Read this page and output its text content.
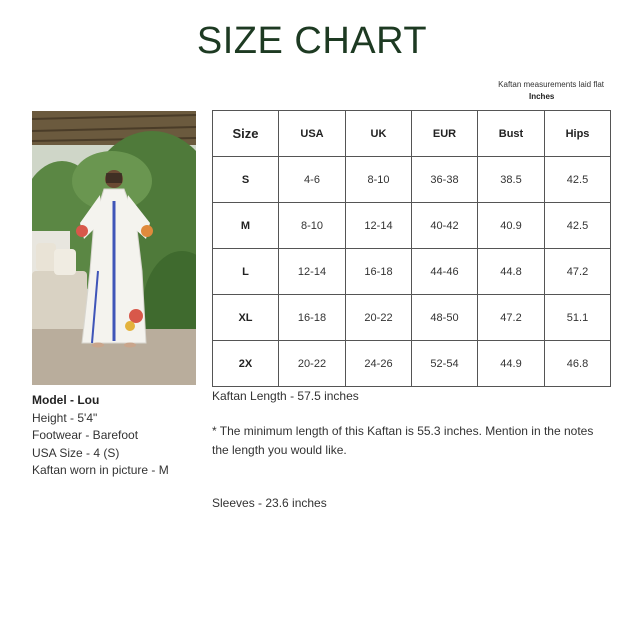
SIZE CHART
Kaftan measurements laid flat
Inches
Model - Lou
Height - 5'4"
Footwear - Barefoot
USA Size - 4 (S)
Kaftan worn in picture - M
Size	USA	UK	EUR	Bust	Hips
S	4-6	8-10	36-38	38.5	42.5
M	8-10	12-14	40-42	40.9	42.5
L	12-14	16-18	44-46	44.8	47.2
XL	16-18	20-22	48-50	47.2	51.1
2X	20-22	24-26	52-54	44.9	46.8
Kaftan Length - 57.5 inches
* The minimum length of this Kaftan is 55.3 inches. Mention in the notes the length you would like.
Sleeves - 23.6 inches
